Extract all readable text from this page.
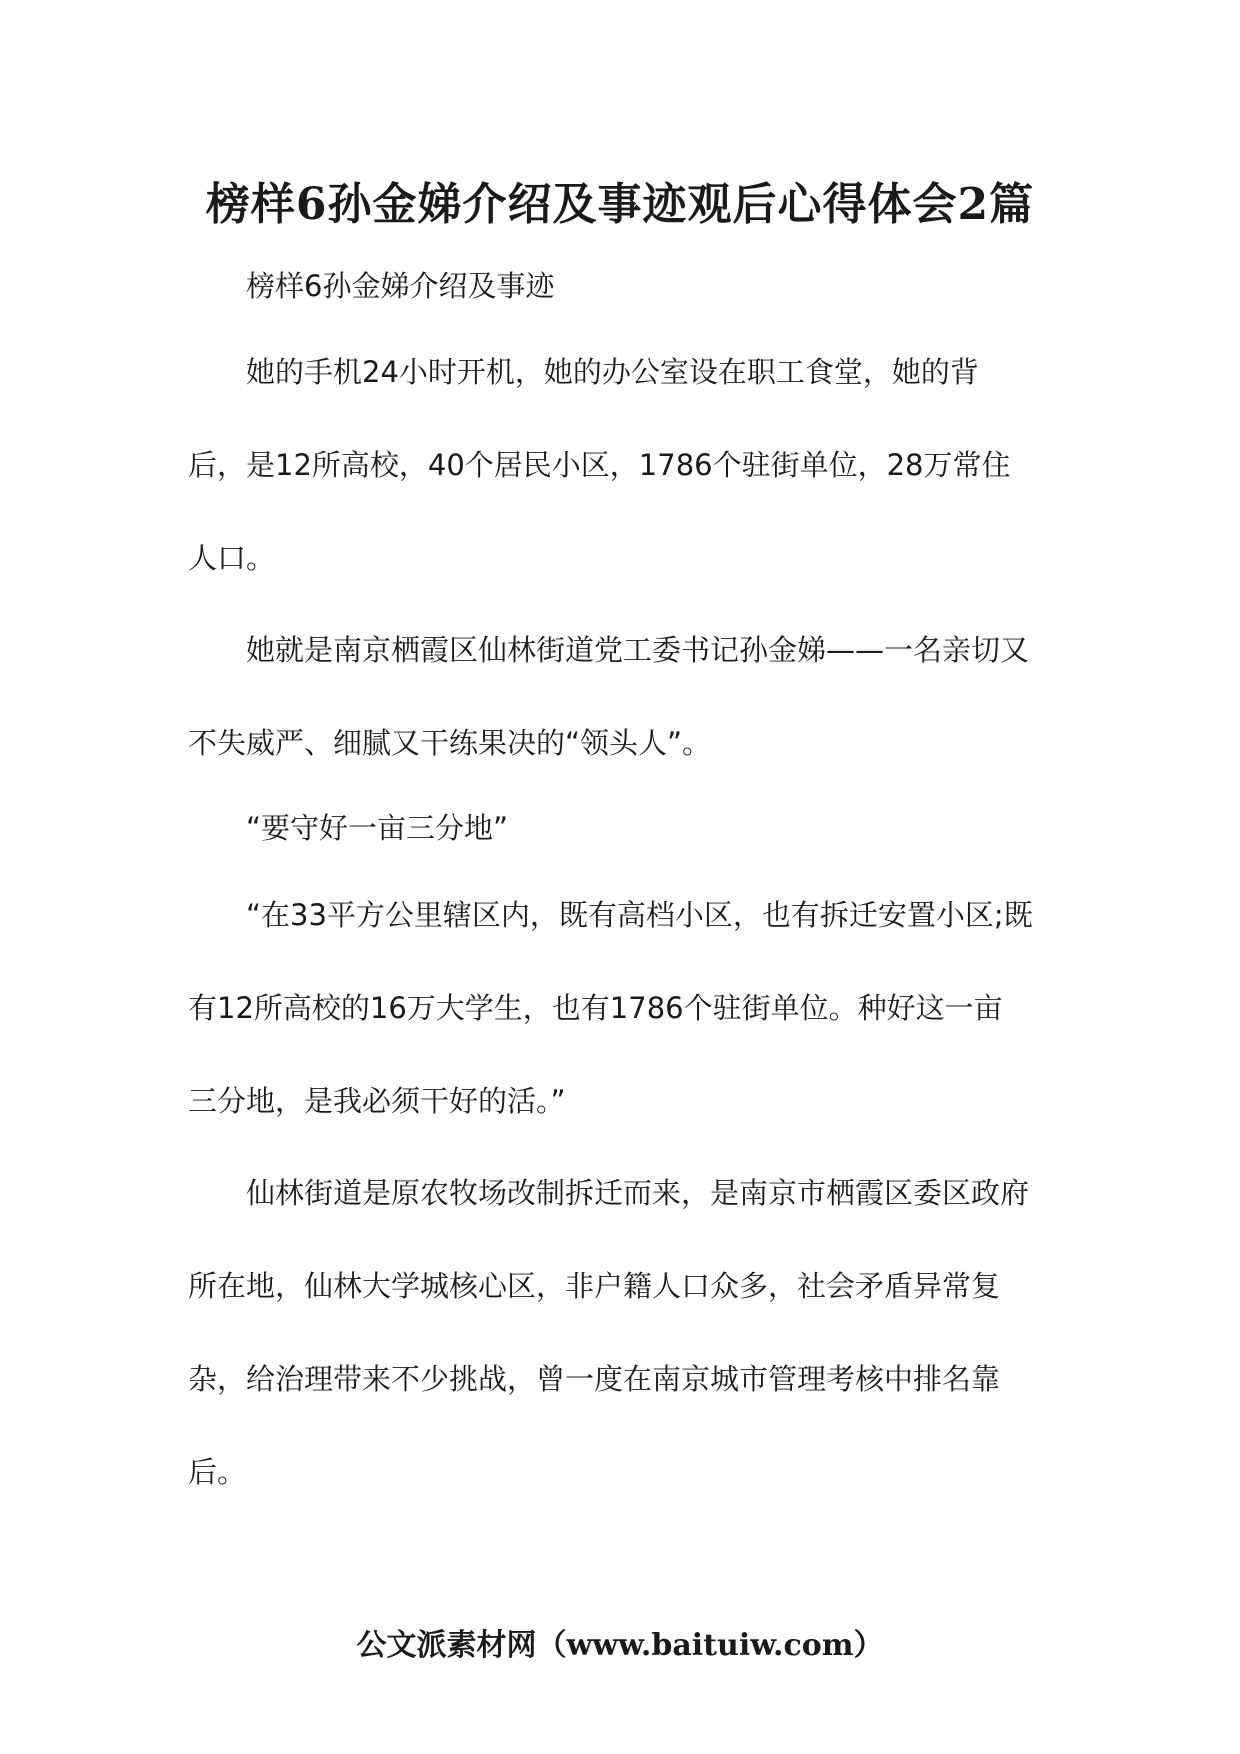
榜样6孙金娣介绍及事迹观后心得体会2篇
榜样6孙金娣介绍及事迹
她的手机24小时开机，她的办公室设在职工食堂，她的背
后，是12所高校，40个居民小区，1786个驻街单位，28万常住
人口。
她就是南京栖霞区仙林街道党工委书记孙金娣——一名亲切又
不失威严、细腻又干练果决的“领头人”。
“要守好一亩三分地”
“在33平方公里辖区内，既有高档小区，也有拆迁安置小区;既
有12所高校的16万大学生，也有1786个驻街单位。种好这一亩
三分地，是我必须干好的活。”
仙林街道是原农牧场改制拆迁而来，是南京市栖霞区委区政府
所在地，仙林大学城核心区，非户籍人口众多，社会矛盾异常复
杂，给治理带来不少挑战，曾一度在南京城市管理考核中排名靠
后。
公文派素材网（www.baituiw.com）
